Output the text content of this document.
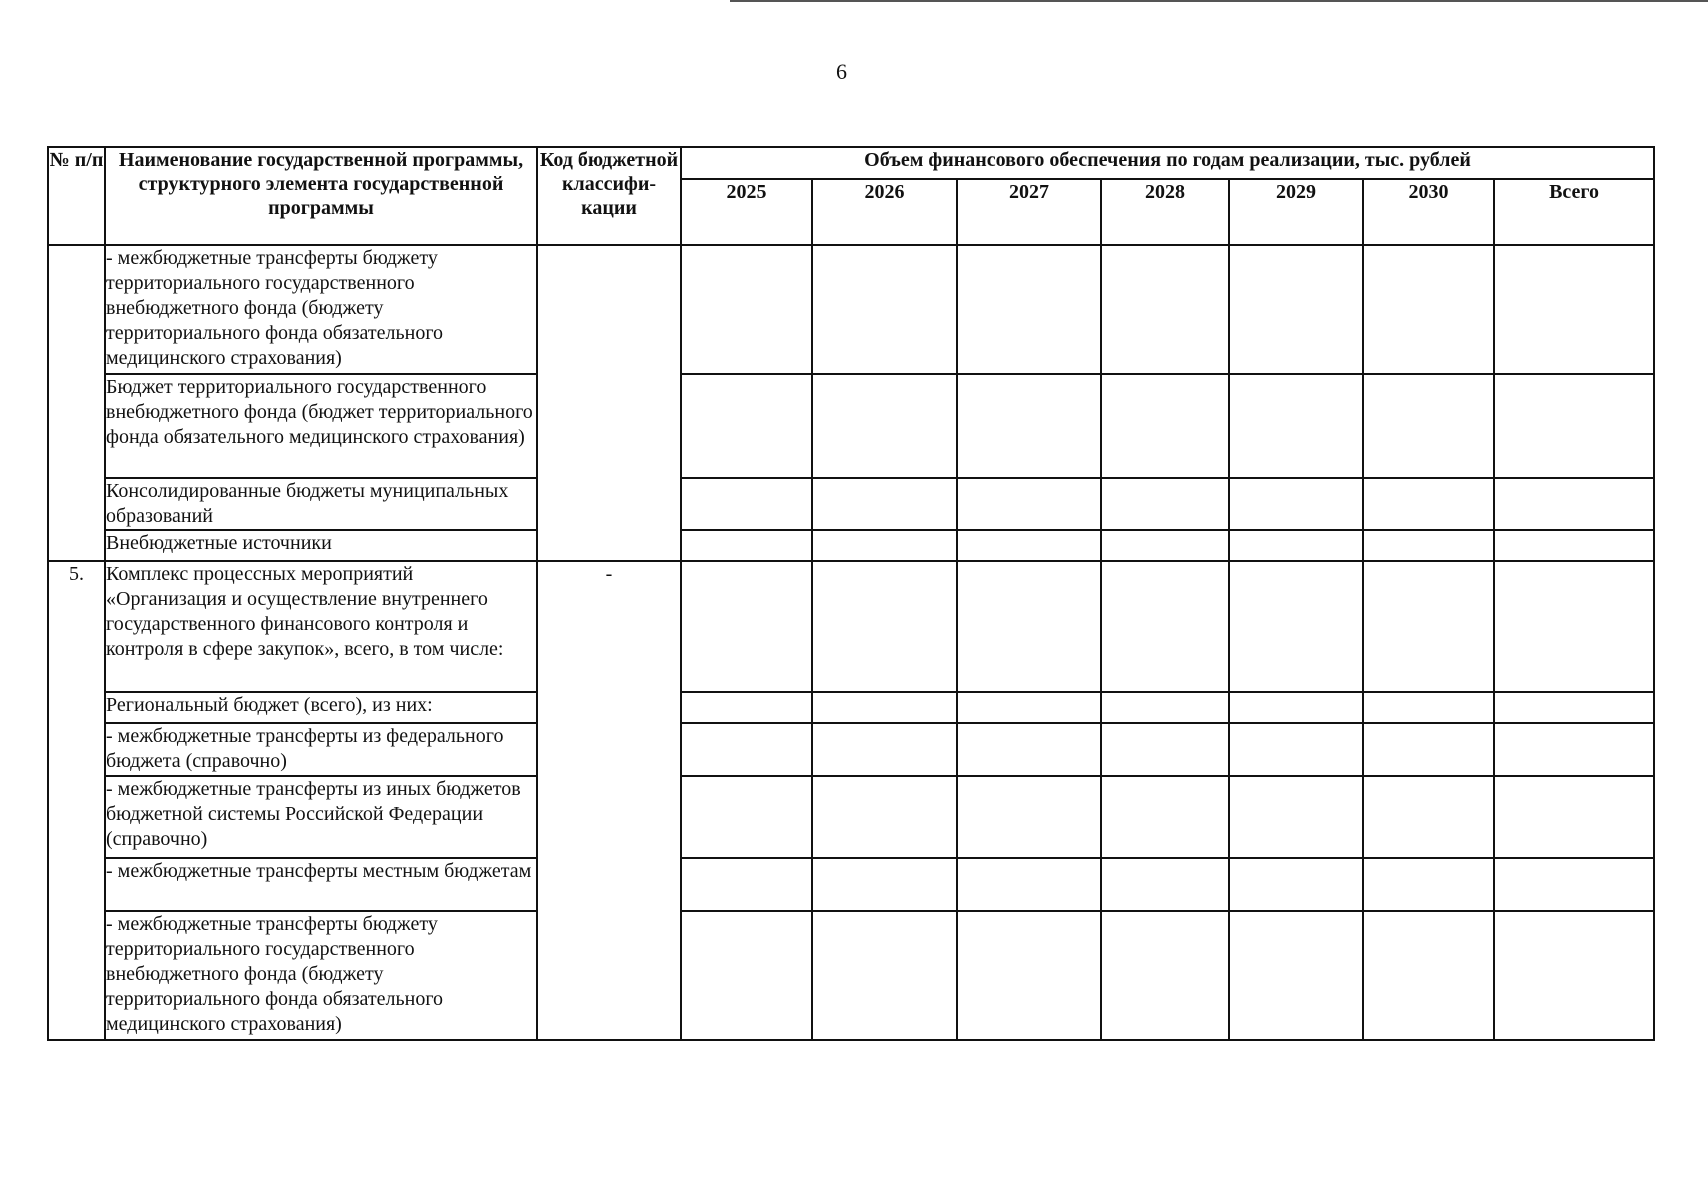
6
№ п/п	Наименование государственной программы, структурного элемента государственной программы	Код бюджетной классифи-кации	Объем финансового обеспечения по годам реализации, тыс. рублей						
			2025	2026	2027	2028	2029	2030	Всего
	- межбюджетные трансферты бюджету территориального государственного внебюджетного фонда (бюджету территориального фонда обязательного медицинского страхования)								
	Бюджет территориального государственного внебюджетного фонда (бюджет территориального фонда обязательного медицинского страхования)								
	Консолидированные бюджеты муниципальных образований								
	Внебюджетные источники								
5.	Комплекс процессных мероприятий «Организация и осуществление внутреннего государственного финансового контроля и контроля в сфере закупок», всего, в том числе:	-							
	Региональный бюджет (всего), из них:								
	- межбюджетные трансферты из федерального бюджета (справочно)								
	- межбюджетные трансферты из иных бюджетов бюджетной системы Российской Федерации (справочно)								
	- межбюджетные трансферты местным бюджетам								
	- межбюджетные трансферты бюджету территориального государственного внебюджетного фонда (бюджету территориального фонда обязательного медицинского страхования)								
